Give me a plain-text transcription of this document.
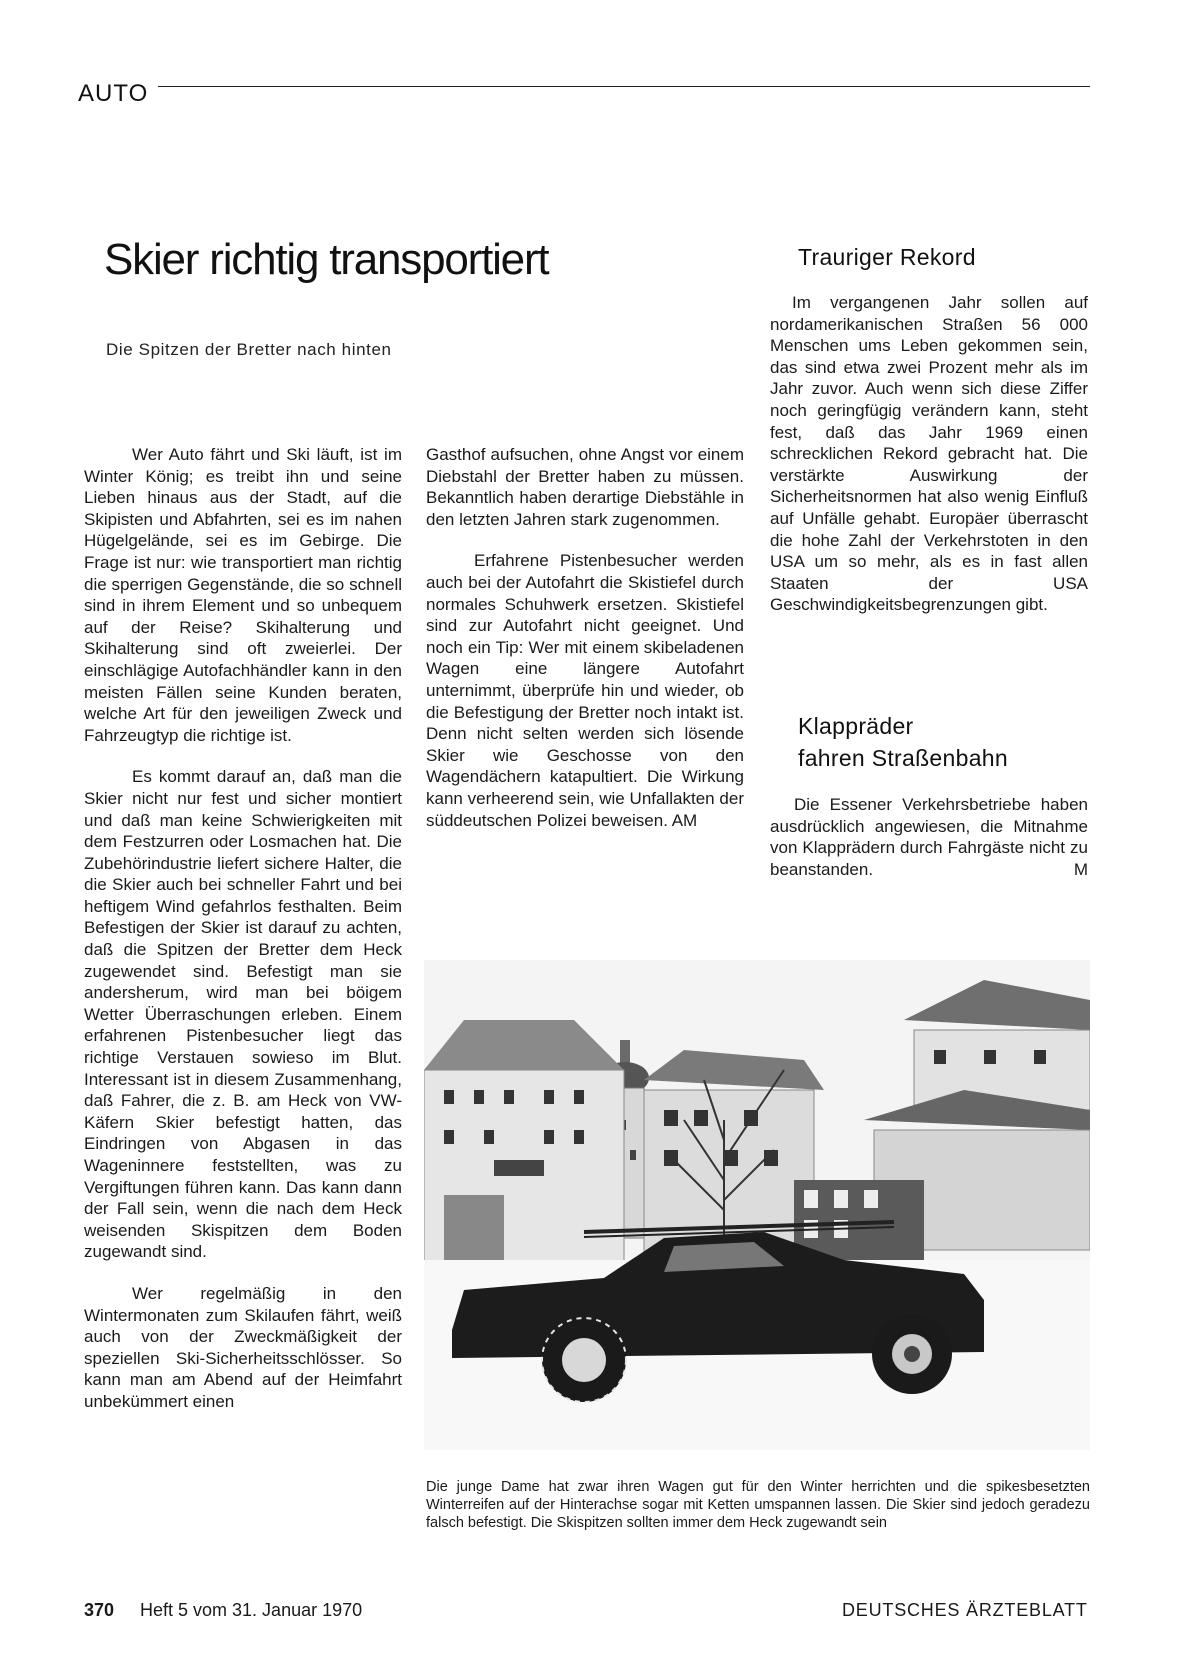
AUTO
Skier richtig transportiert
Die Spitzen der Bretter nach hinten

Wer Auto fährt und Ski läuft, ist im Winter König; es treibt ihn und seine Lieben hinaus aus der Stadt, auf die Skipisten und Abfahrten, sei es im nahen Hügelgelände, sei es im Gebirge. Die Frage ist nur: wie transportiert man richtig die sperrigen Gegenstände, die so schnell sind in ihrem Element und so unbequem auf der Reise? Skihalterung und Skihalterung sind oft zweierlei. Der einschlägige Autofachhändler kann in den meisten Fällen seine Kunden beraten, welche Art für den jeweiligen Zweck und Fahrzeugtyp die richtige ist.

Es kommt darauf an, daß man die Skier nicht nur fest und sicher montiert und daß man keine Schwierigkeiten mit dem Festzurren oder Losmachen hat. Die Zubehörindustrie liefert sichere Halter, die die Skier auch bei schneller Fahrt und bei heftigem Wind gefahrlos festhalten. Beim Befestigen der Skier ist darauf zu achten, daß die Spitzen der Bretter dem Heck zugewendet sind. Befestigt man sie andersherum, wird man bei böigem Wetter Überraschungen erleben. Einem erfahrenen Pistenbesucher liegt das richtige Verstauen sowieso im Blut. Interessant ist in diesem Zusammenhang, daß Fahrer, die z. B. am Heck von VW-Käfern Skier befestigt hatten, das Eindringen von Abgasen in das Wageninnere feststellten, was zu Vergiftungen führen kann. Das kann dann der Fall sein, wenn die nach dem Heck weisenden Skispitzen dem Boden zugewandt sind.

Wer regelmäßig in den Wintermonaten zum Skilaufen fährt, weiß auch von der Zweckmäßigkeit der speziellen Ski-Sicherheitsschlösser. So kann man am Abend auf der Heimfahrt unbekümmert einen

Gasthof aufsuchen, ohne Angst vor einem Diebstahl der Bretter haben zu müssen. Bekanntlich haben derartige Diebstähle in den letzten Jahren stark zugenommen.

Erfahrene Pistenbesucher werden auch bei der Autofahrt die Skistiefel durch normales Schuhwerk ersetzen. Skistiefel sind zur Autofahrt nicht geeignet. Und noch ein Tip: Wer mit einem skibeladenen Wagen eine längere Autofahrt unternimmt, überprüfe hin und wieder, ob die Befestigung der Bretter noch intakt ist. Denn nicht selten werden sich lösende Skier wie Geschosse von den Wagendächern katapultiert. Die Wirkung kann verheerend sein, wie Unfallakten der süddeutschen Polizei beweisen. AM

Trauriger Rekord

Im vergangenen Jahr sollen auf nordamerikanischen Straßen 56 000 Menschen ums Leben gekommen sein, das sind etwa zwei Prozent mehr als im Jahr zuvor. Auch wenn sich diese Ziffer noch geringfügig verändern kann, steht fest, daß das Jahr 1969 einen schrecklichen Rekord gebracht hat. Die verstärkte Auswirkung der Sicherheitsnormen hat also wenig Einfluß auf Unfälle gehabt. Europäer überrascht die hohe Zahl der Verkehrstoten in den USA um so mehr, als es in fast allen Staaten der USA Geschwindigkeitsbegrenzungen gibt.

Klappräder
fahren Straßenbahn

Die Essener Verkehrsbetriebe haben ausdrücklich angewiesen, die Mitnahme von Klapprädern durch Fahrgäste nicht zu beanstanden.	M

Die junge Dame hat zwar ihren Wagen gut für den Winter herrichten und die spikesbesetzten Winterreifen auf der Hinterachse sogar mit Ketten umspannen lassen. Die Skier sind jedoch geradezu falsch befestigt. Die Skispitzen sollten immer dem Heck zugewandt sein
370 Heft 5 vom 31. Januar 1970	DEUTSCHES ÄRZTEBLATT
